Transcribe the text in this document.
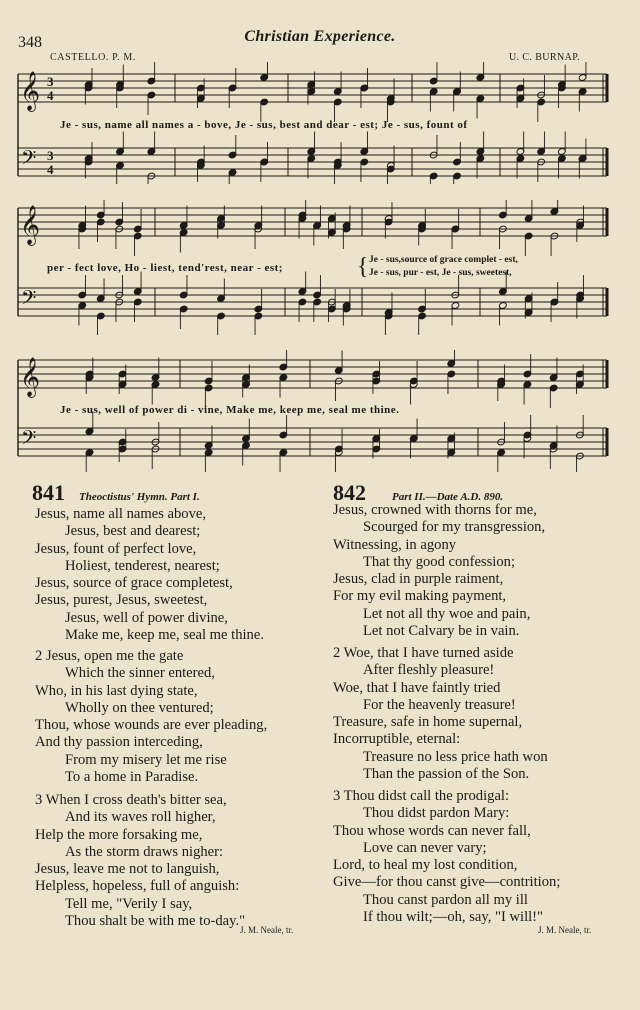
348	Christian Experience.
CASTELLO. P. M.	U. C. BURNAP.
𝄞
𝄢
3
3
4
4
Je - sus, name all names a - bove, Je - sus, best and dear - est; Je - sus, fount of
𝄞
𝄢
per - fect love, Ho - liest, tend'rest, near - est;	{ Je - sus,source of grace complet - est,
Je - sus, pur - est, Je - sus, sweetest,
𝄞
𝄢
Je - sus, well of power di - vine, Make me, keep me, seal me thine.
841 Theoctistus' Hymn. Part I.
Jesus, name all names above,
Jesus, best and dearest;
Jesus, fount of perfect love,
Holiest, tenderest, nearest;
Jesus, source of grace completest,
Jesus, purest, Jesus, sweetest,
Jesus, well of power divine,
Make me, keep me, seal me thine.
2 Jesus, open me the gate
Which the sinner entered,
Who, in his last dying state,
Wholly on thee ventured;
Thou, whose wounds are ever pleading,
And thy passion interceding,
From my misery let me rise
To a home in Paradise.
3 When I cross death's bitter sea,
And its waves roll higher,
Help the more forsaking me,
As the storm draws nigher:
Jesus, leave me not to languish,
Helpless, hopeless, full of anguish:
Tell me, "Verily I say,
Thou shalt be with me to-day."
J. M. Neale, tr.
842 Part II.—Date A.D. 890.
Jesus, crowned with thorns for me,
Scourged for my transgression,
Witnessing, in agony
That thy good confession;
Jesus, clad in purple raiment,
For my evil making payment,
Let not all thy woe and pain,
Let not Calvary be in vain.
2 Woe, that I have turned aside
After fleshly pleasure!
Woe, that I have faintly tried
For the heavenly treasure!
Treasure, safe in home supernal,
Incorruptible, eternal:
Treasure no less price hath won
Than the passion of the Son.
3 Thou didst call the prodigal:
Thou didst pardon Mary:
Thou whose words can never fall,
Love can never vary;
Lord, to heal my lost condition,
Give—for thou canst give—contrition;
Thou canst pardon all my ill
If thou wilt;—oh, say, "I will!"
J. M. Neale, tr.
